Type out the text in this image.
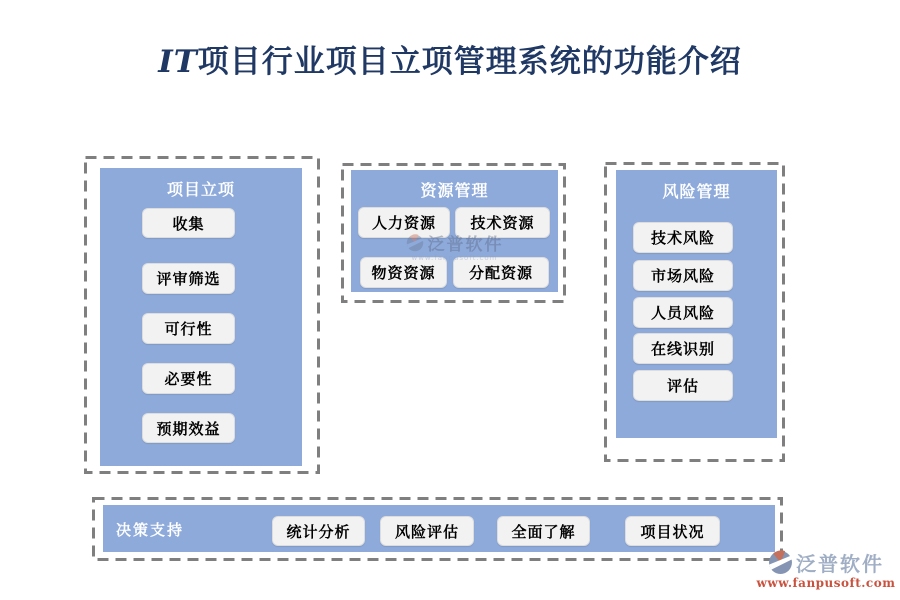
IT项目行业项目立项管理系统的功能介绍
项目立项
收集
评审筛选
可行性
必要性
预期效益
资源管理
人力资源	技术资源
物资资源	分配资源
泛普软件
www.fanpusoft.com
风险管理
技术风险
市场风险
人员风险
在线识别
评估
决策支持	统计分析	风险评估	全面了解	项目状况
泛普软件
www.fanpusoft.com
